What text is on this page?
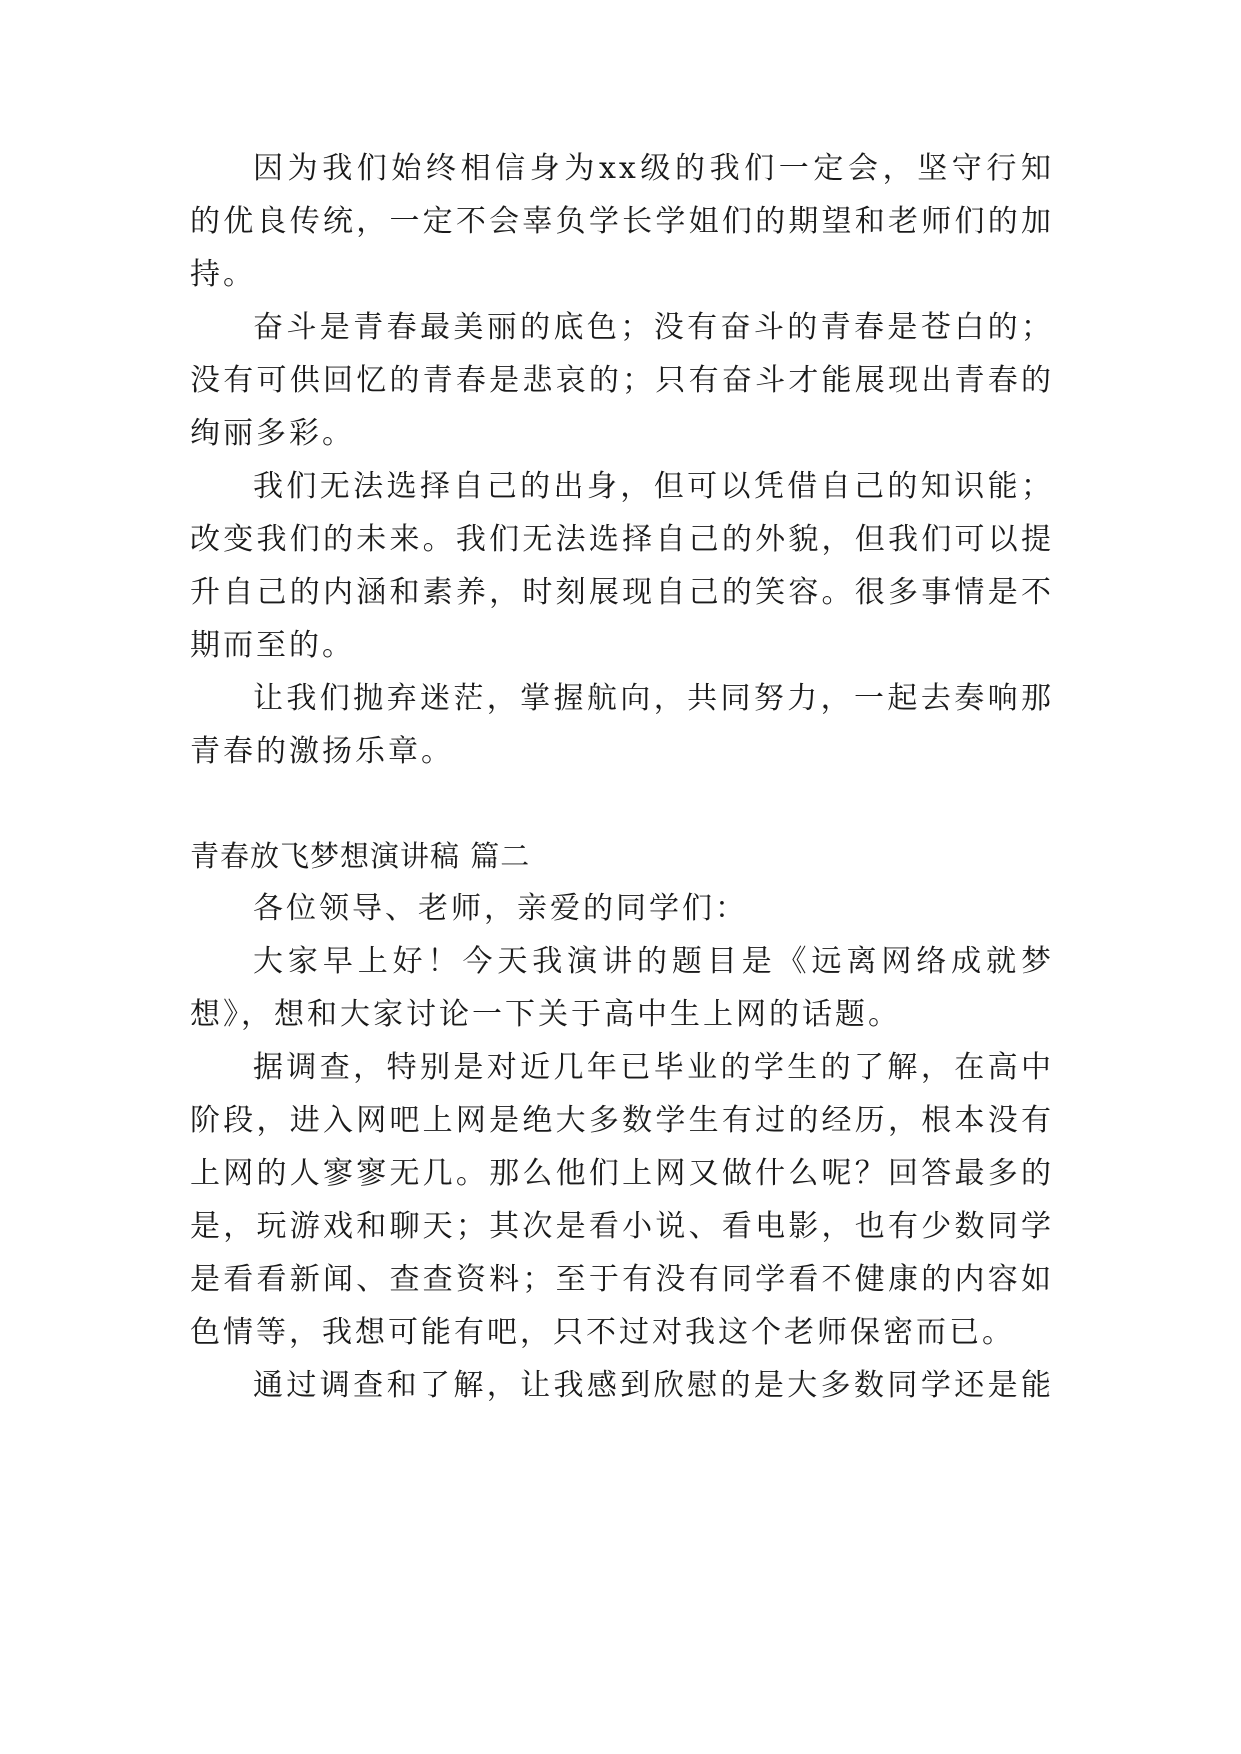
因为我们始终相信身为xx级的我们一定会，坚守行知
的优良传统，一定不会辜负学长学姐们的期望和老师们的加
持。
奋斗是青春最美丽的底色；没有奋斗的青春是苍白的；
没有可供回忆的青春是悲哀的；只有奋斗才能展现出青春的
绚丽多彩。
我们无法选择自己的出身，但可以凭借自己的知识能；
改变我们的未来。我们无法选择自己的外貌，但我们可以提
升自己的内涵和素养，时刻展现自己的笑容。很多事情是不
期而至的。
让我们抛弃迷茫，掌握航向，共同努力，一起去奏响那
青春的激扬乐章。
青春放飞梦想演讲稿 篇二
各位领导、老师，亲爱的同学们：
大家早上好！今天我演讲的题目是《远离网络成就梦
想》，想和大家讨论一下关于高中生上网的话题。
据调查，特别是对近几年已毕业的学生的了解，在高中
阶段，进入网吧上网是绝大多数学生有过的经历，根本没有
上网的人寥寥无几。那么他们上网又做什么呢？回答最多的
是，玩游戏和聊天；其次是看小说、看电影，也有少数同学
是看看新闻、查查资料；至于有没有同学看不健康的内容如
色情等，我想可能有吧，只不过对我这个老师保密而已。
通过调查和了解，让我感到欣慰的是大多数同学还是能
